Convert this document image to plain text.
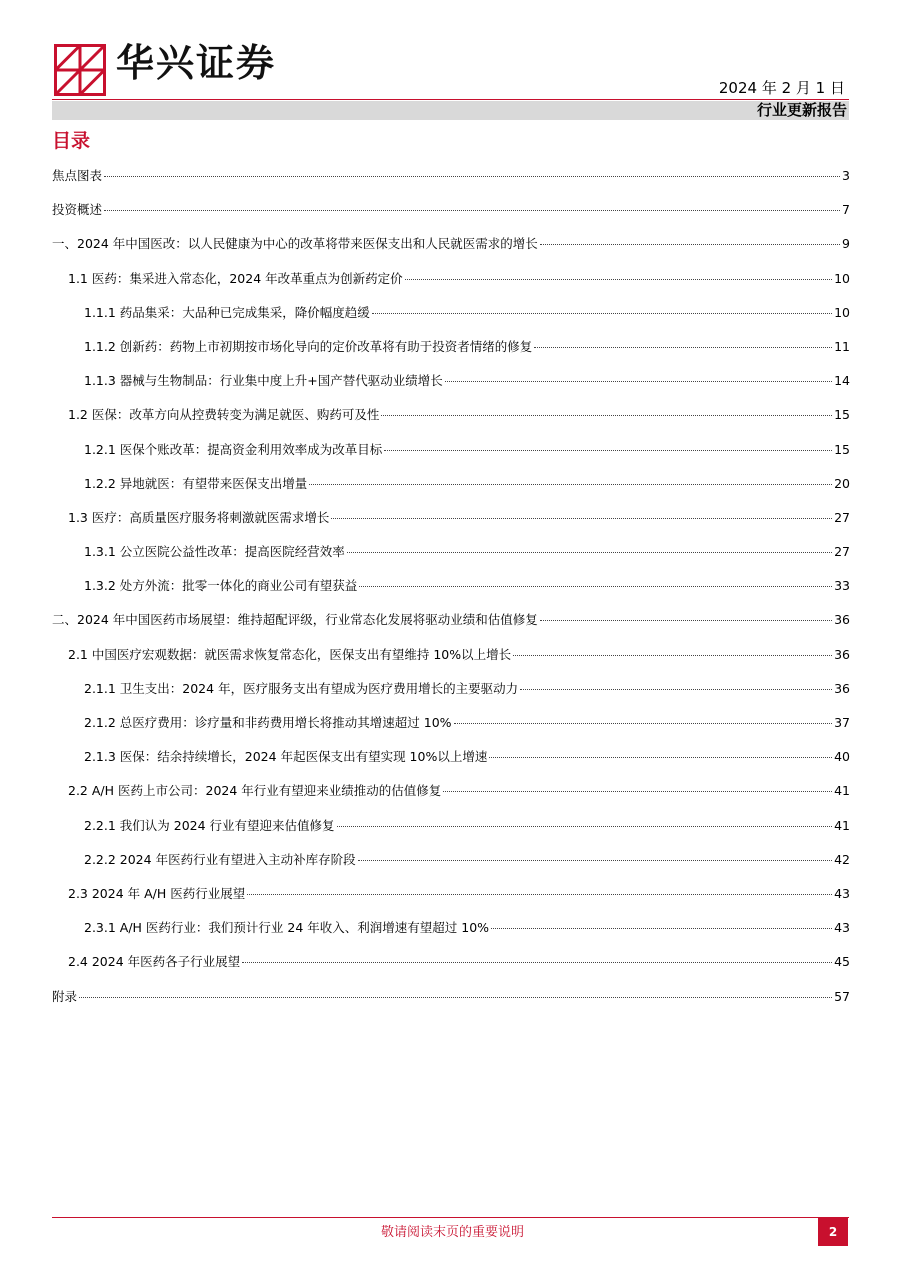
华兴证券
2024 年 2 月 1 日
行业更新报告
目录
焦点图表	3
投资概述	7
一、2024 年中国医改：以人民健康为中心的改革将带来医保支出和人民就医需求的增长	9
1.1 医药：集采进入常态化，2024 年改革重点为创新药定价	10
1.1.1 药品集采：大品种已完成集采，降价幅度趋缓	10
1.1.2 创新药：药物上市初期按市场化导向的定价改革将有助于投资者情绪的修复	11
1.1.3 器械与生物制品：行业集中度上升+国产替代驱动业绩增长	14
1.2 医保：改革方向从控费转变为满足就医、购药可及性	15
1.2.1 医保个账改革：提高资金利用效率成为改革目标	15
1.2.2 异地就医：有望带来医保支出增量	20
1.3 医疗：高质量医疗服务将刺激就医需求增长	27
1.3.1 公立医院公益性改革：提高医院经营效率	27
1.3.2 处方外流：批零一体化的商业公司有望获益	33
二、2024 年中国医药市场展望：维持超配评级，行业常态化发展将驱动业绩和估值修复	36
2.1 中国医疗宏观数据：就医需求恢复常态化，医保支出有望维持 10%以上增长	36
2.1.1 卫生支出：2024 年，医疗服务支出有望成为医疗费用增长的主要驱动力	36
2.1.2 总医疗费用：诊疗量和非药费用增长将推动其增速超过 10%	37
2.1.3 医保：结余持续增长，2024 年起医保支出有望实现 10%以上增速	40
2.2 A/H 医药上市公司：2024 年行业有望迎来业绩推动的估值修复	41
2.2.1 我们认为 2024 行业有望迎来估值修复	41
2.2.2 2024 年医药行业有望进入主动补库存阶段	42
2.3 2024 年 A/H 医药行业展望	43
2.3.1 A/H 医药行业：我们预计行业 24 年收入、利润增速有望超过 10%	43
2.4 2024 年医药各子行业展望	45
附录	57
敬请阅读末页的重要说明	2
